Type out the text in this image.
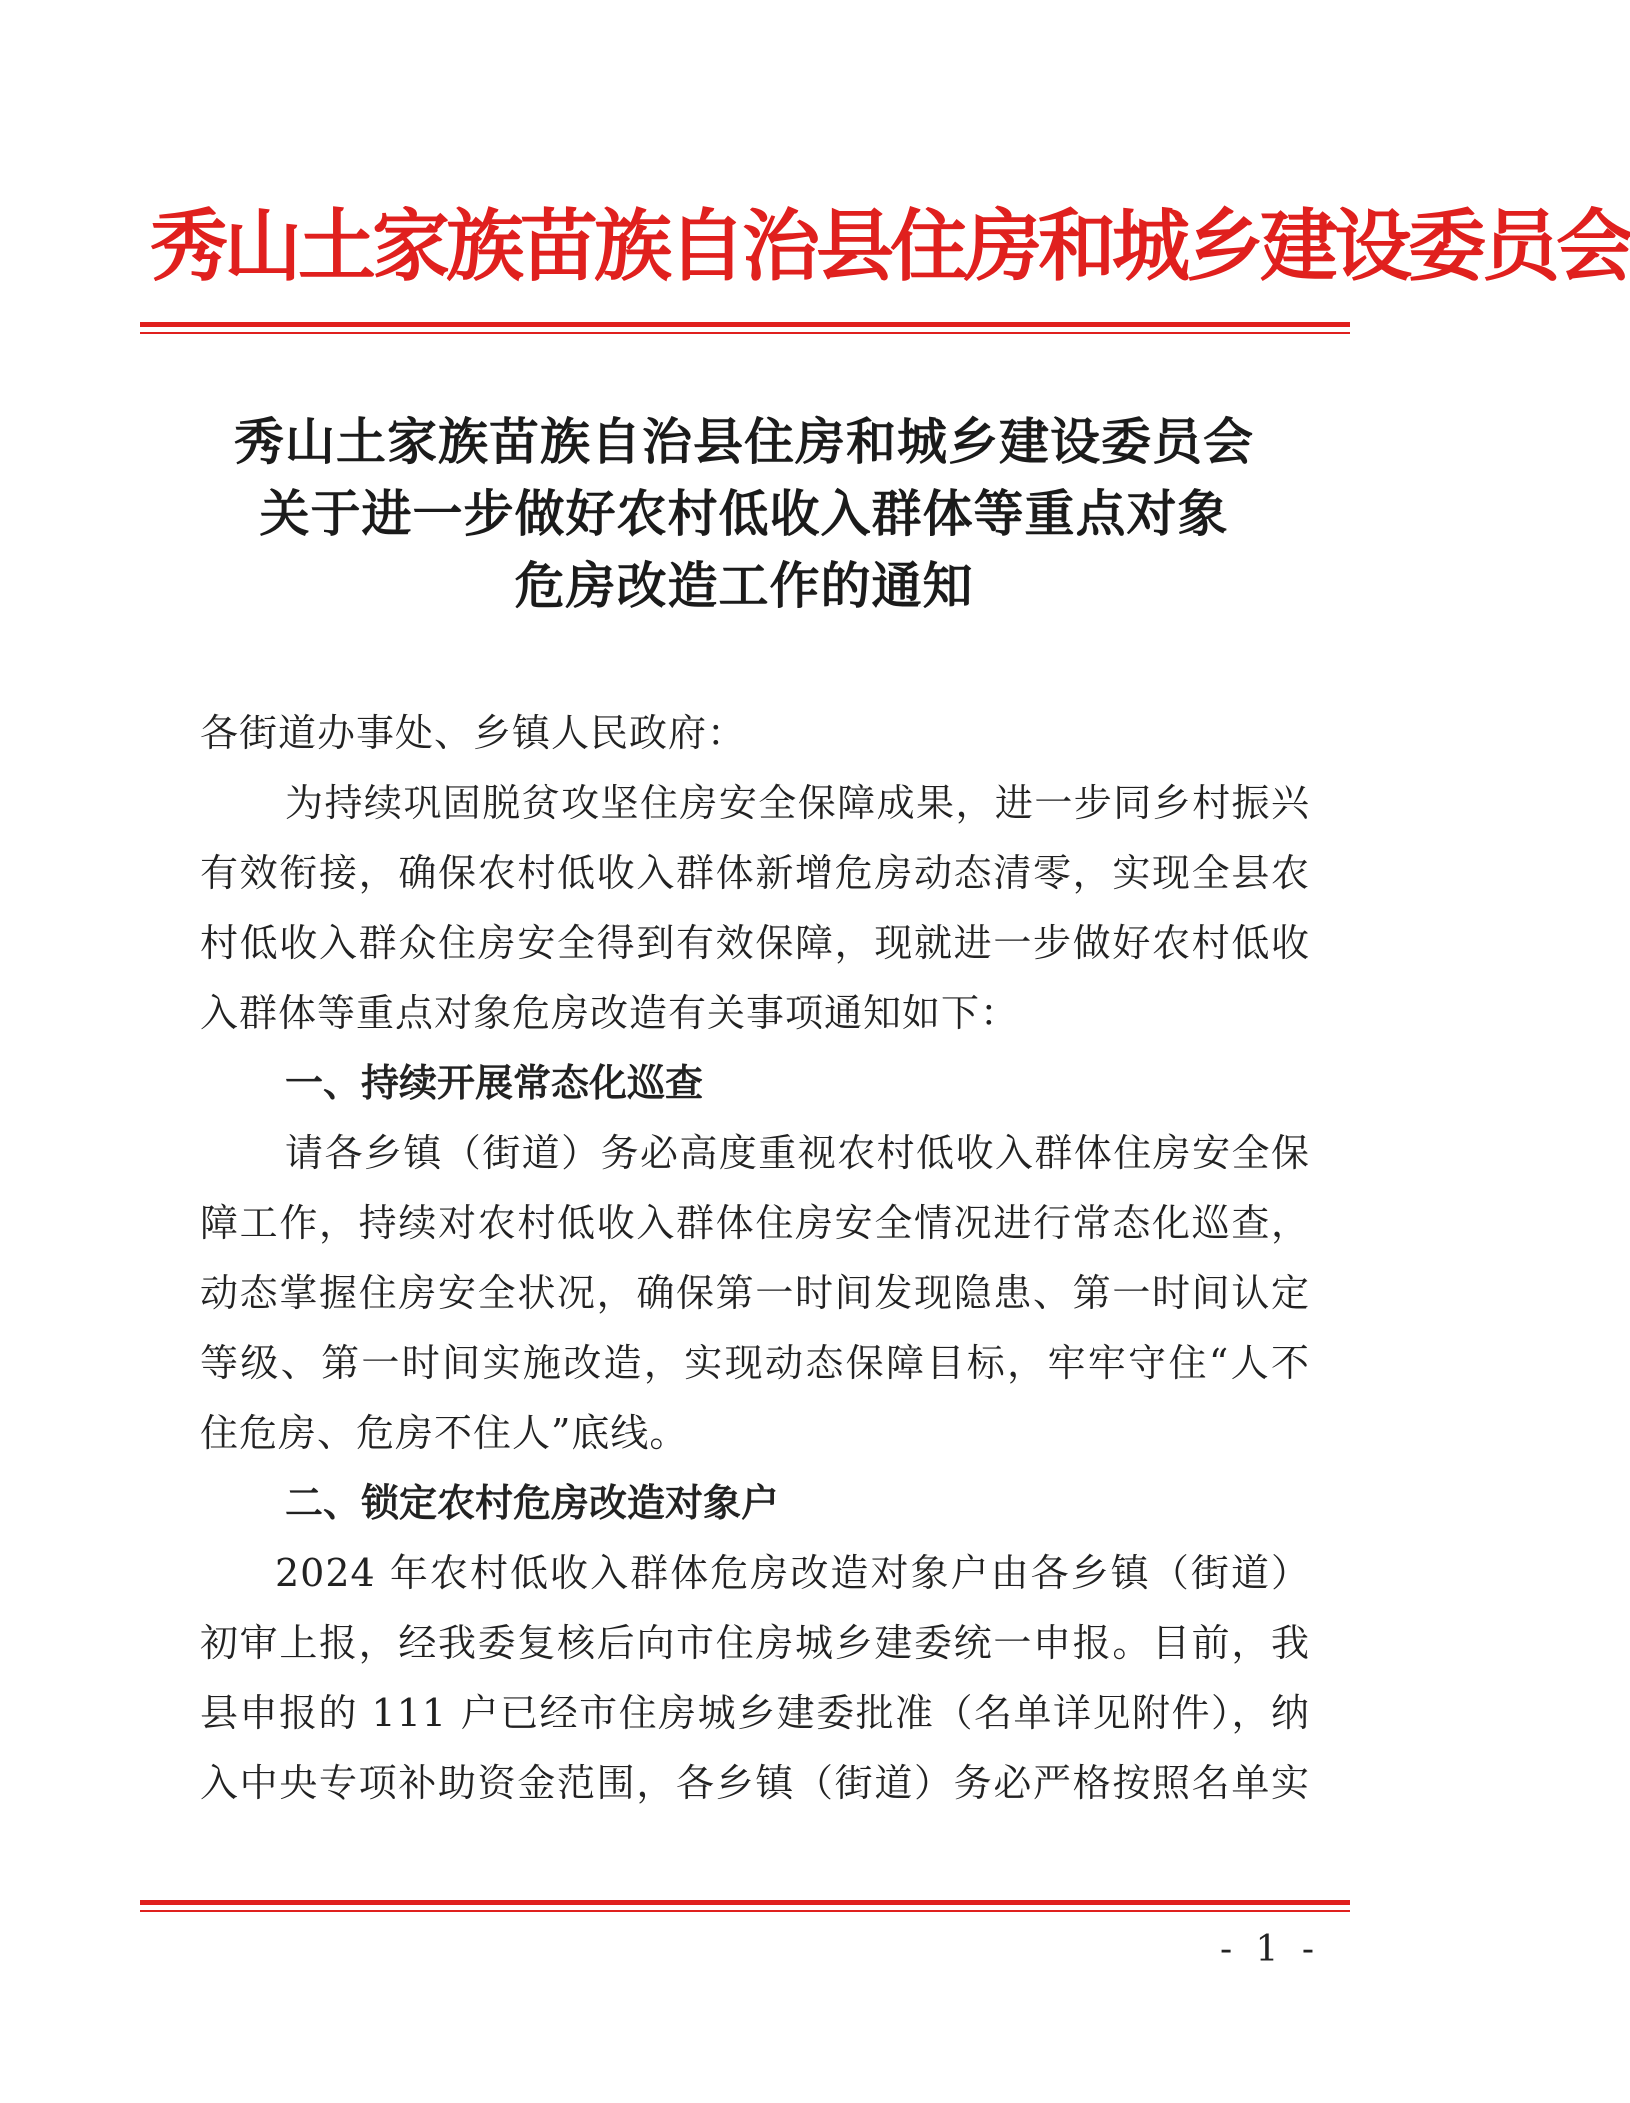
秀山土家族苗族自治县住房和城乡建设委员会
秀山土家族苗族自治县住房和城乡建设委员会
关于进一步做好农村低收入群体等重点对象
危房改造工作的通知
各街道办事处、乡镇人民政府：
为持续巩固脱贫攻坚住房安全保障成果，进一步同乡村振兴
有效衔接，确保农村低收入群体新增危房动态清零，实现全县农
村低收入群众住房安全得到有效保障，现就进一步做好农村低收
入群体等重点对象危房改造有关事项通知如下：
一、持续开展常态化巡查
请各乡镇（街道）务必高度重视农村低收入群体住房安全保
障工作，持续对农村低收入群体住房安全情况进行常态化巡查，
动态掌握住房安全状况，确保第一时间发现隐患、第一时间认定
等级、第一时间实施改造，实现动态保障目标，牢牢守住“人不
住危房、危房不住人”底线。
二、锁定农村危房改造对象户
2024 年农村低收入群体危房改造对象户由各乡镇（街道）
初审上报，经我委复核后向市住房城乡建委统一申报。目前，我
县申报的 111 户已经市住房城乡建委批准（名单详见附件），纳
入中央专项补助资金范围，各乡镇（街道）务必严格按照名单实
- 1 -
